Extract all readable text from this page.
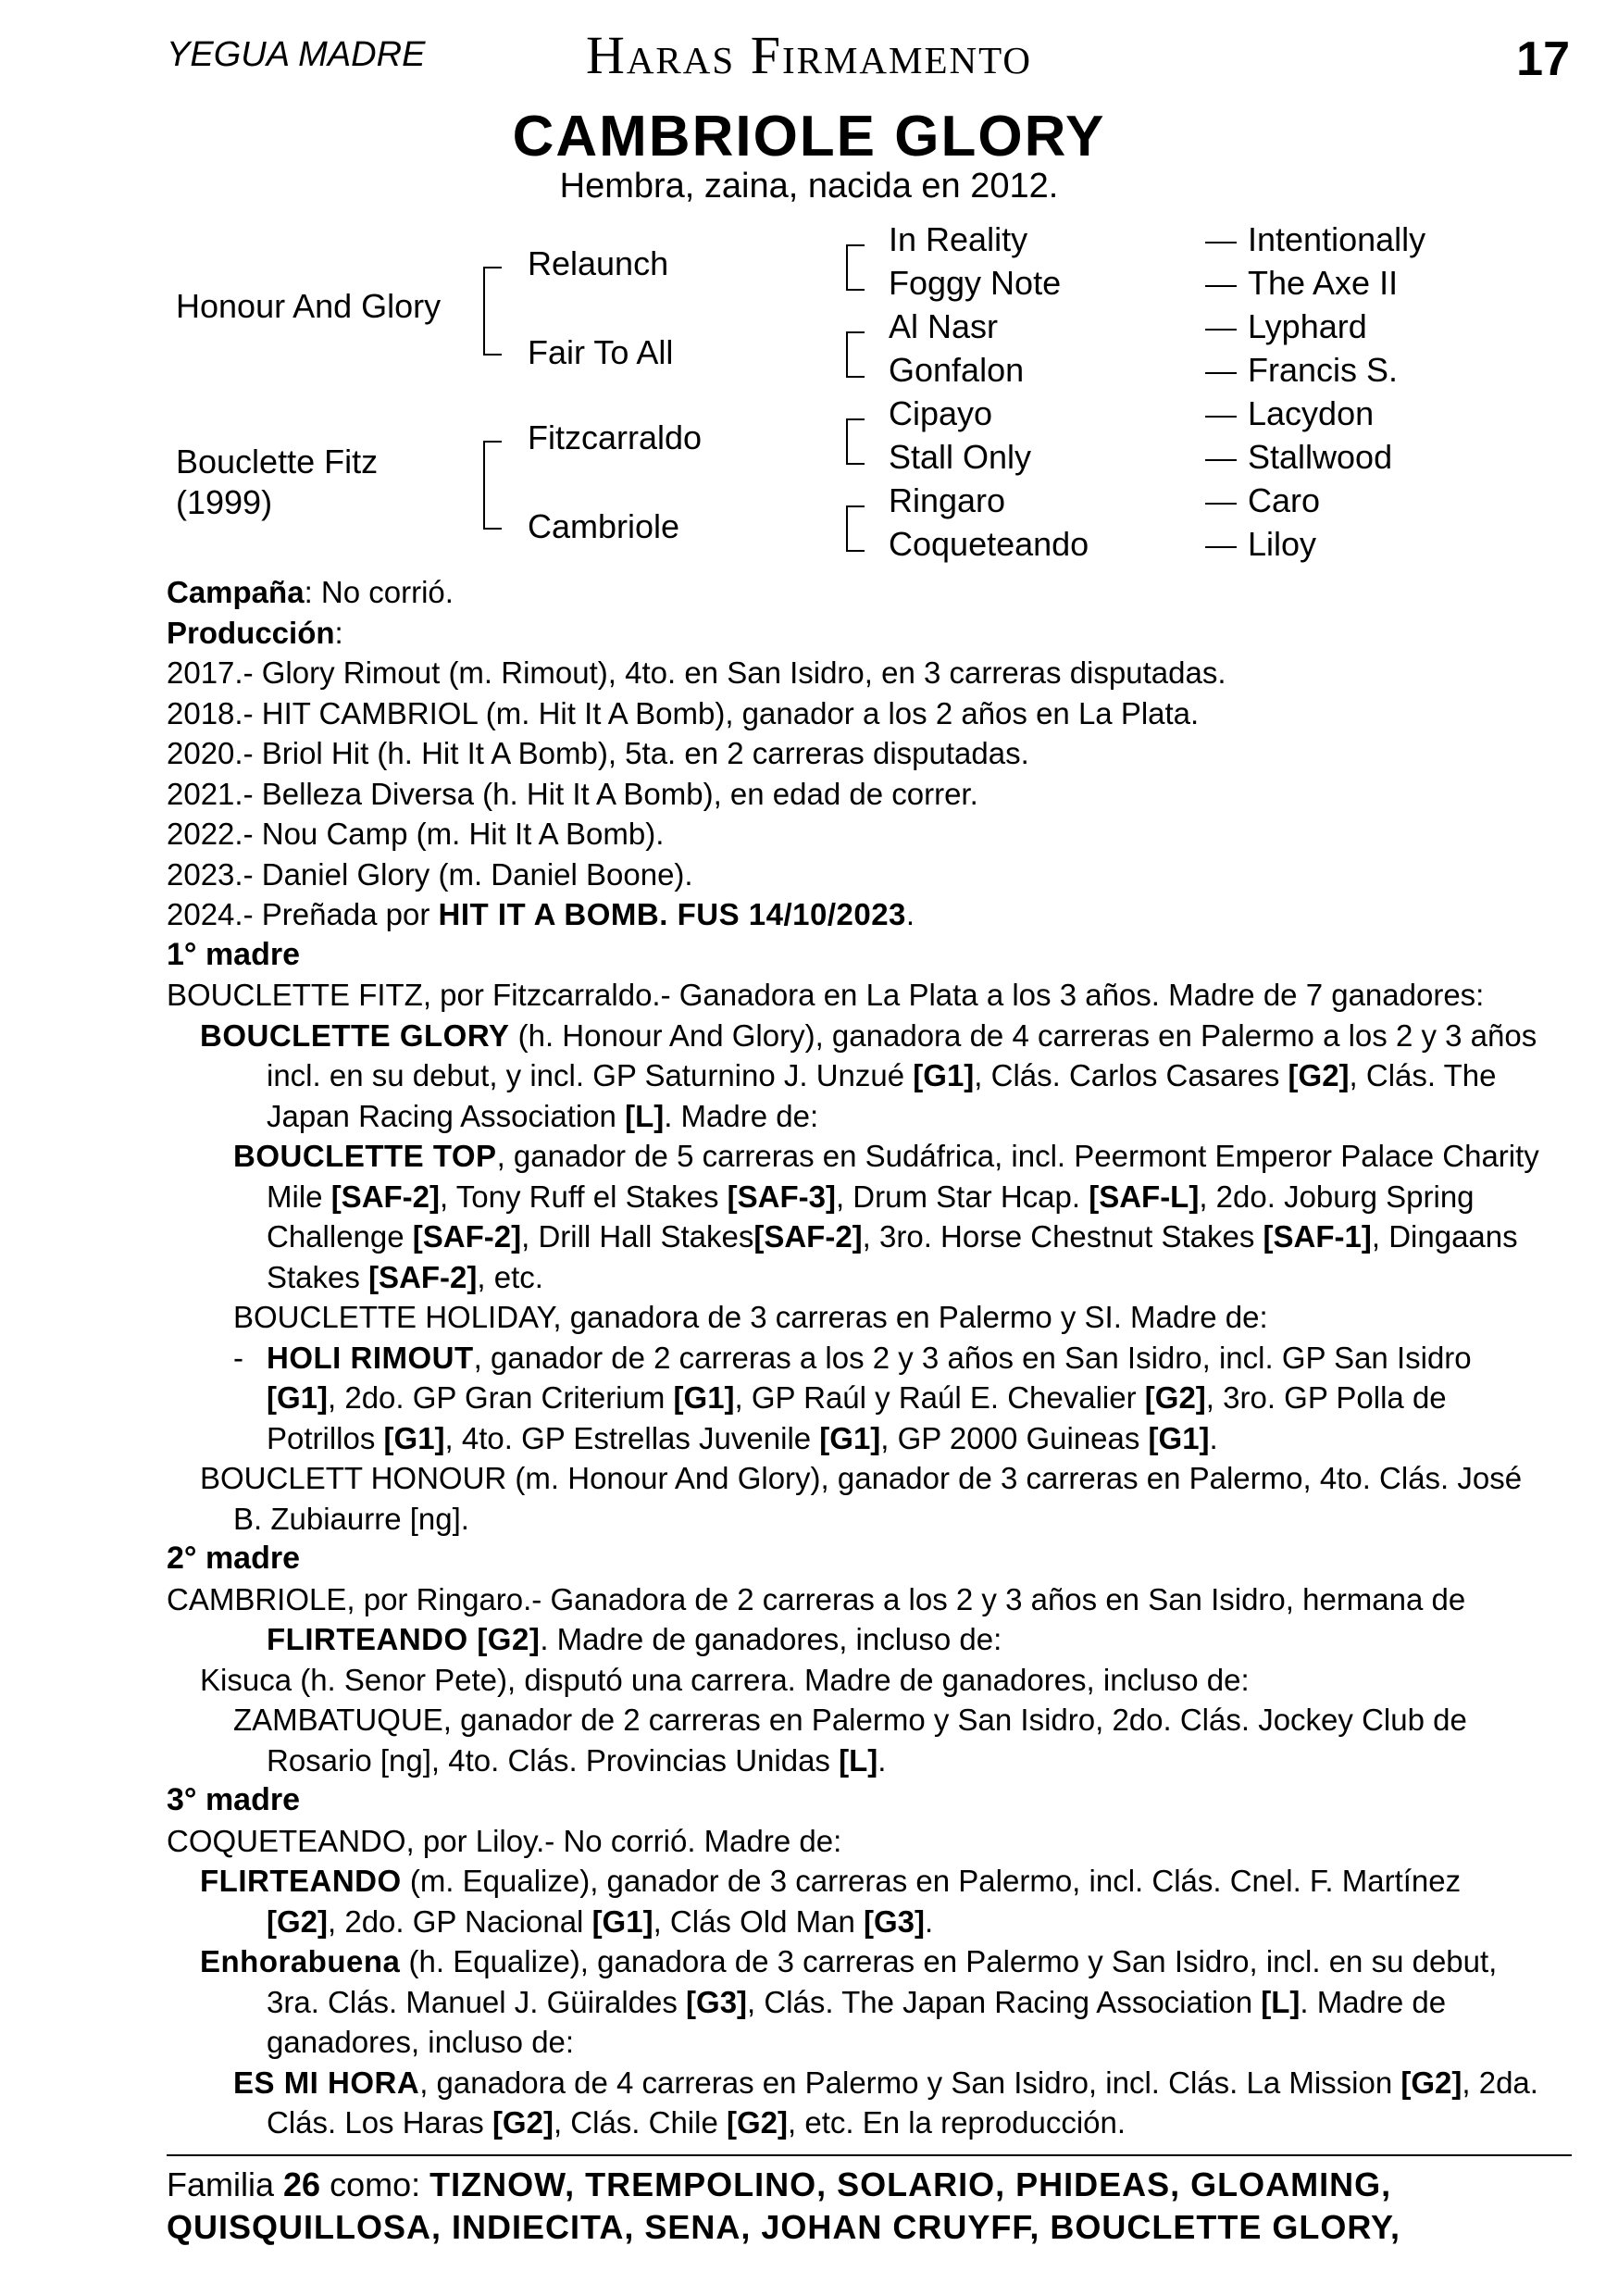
YEGUA MADRE	Haras Firmamento	17
CAMBRIOLE GLORY
Hembra, zaina, nacida en 2012.
Honour And Glory
Bouclette Fitz
(1999)
Relaunch
Fair To All
Fitzcarraldo
Cambriole
In Reality
Foggy Note
Al Nasr
Gonfalon
Cipayo
Stall Only
Ringaro
Coqueteando
Intentionally
The Axe II
Lyphard
Francis S.
Lacydon
Stallwood
Caro
Liloy

Campaña: No corrió.

Producción:

2017.- Glory Rimout (m. Rimout), 4to. en San Isidro, en 3 carreras disputadas.

2018.- HIT CAMBRIOL (m. Hit It A Bomb), ganador a los 2 años en La Plata.

2020.- Briol Hit (h. Hit It A Bomb), 5ta. en 2 carreras disputadas.

2021.- Belleza Diversa (h. Hit It A Bomb), en edad de correr.

2022.- Nou Camp (m. Hit It A Bomb).

2023.- Daniel Glory (m. Daniel Boone).

2024.- Preñada por HIT IT A BOMB. FUS 14/10/2023.

1° madre

BOUCLETTE FITZ, por Fitzcarraldo.- Ganadora en La Plata a los 3 años. Madre de 7 ganadores:

BOUCLETTE GLORY (h. Honour And Glory), ganadora de 4 carreras en Palermo a los 2 y 3 años

incl. en su debut, y incl. GP Saturnino J. Unzué [G1], Clás. Carlos Casares [G2], Clás. The

Japan Racing Association [L]. Madre de:

BOUCLETTE TOP, ganador de 5 carreras en Sudáfrica, incl. Peermont Emperor Palace Charity

Mile [SAF-2], Tony Ruff el Stakes [SAF-3], Drum Star Hcap. [SAF-L], 2do. Joburg Spring

Challenge [SAF-2], Drill Hall Stakes[SAF-2], 3ro. Horse Chestnut Stakes [SAF-1], Dingaans

Stakes [SAF-2], etc.

BOUCLETTE HOLIDAY, ganadora de 3 carreras en Palermo y SI. Madre de:

- HOLI RIMOUT, ganador de 2 carreras a los 2 y 3 años en San Isidro, incl. GP San Isidro

[G1], 2do. GP Gran Criterium [G1], GP Raúl y Raúl E. Chevalier [G2], 3ro. GP Polla de

Potrillos [G1], 4to. GP Estrellas Juvenile [G1], GP 2000 Guineas [G1].

BOUCLETT HONOUR (m. Honour And Glory), ganador de 3 carreras en Palermo, 4to. Clás. José

B. Zubiaurre [ng].

2° madre

CAMBRIOLE, por Ringaro.- Ganadora de 2 carreras a los 2 y 3 años en San Isidro, hermana de

FLIRTEANDO [G2]. Madre de ganadores, incluso de:

Kisuca (h. Senor Pete), disputó una carrera. Madre de ganadores, incluso de:

ZAMBATUQUE, ganador de 2 carreras en Palermo y San Isidro, 2do. Clás. Jockey Club de

Rosario [ng], 4to. Clás. Provincias Unidas [L].

3° madre

COQUETEANDO, por Liloy.- No corrió. Madre de:

FLIRTEANDO (m. Equalize), ganador de 3 carreras en Palermo, incl. Clás. Cnel. F. Martínez

[G2], 2do. GP Nacional [G1], Clás Old Man [G3].

Enhorabuena (h. Equalize), ganadora de 3 carreras en Palermo y San Isidro, incl. en su debut,

3ra. Clás. Manuel J. Güiraldes [G3], Clás. The Japan Racing Association [L]. Madre de

ganadores, incluso de:

ES MI HORA, ganadora de 4 carreras en Palermo y San Isidro, incl. Clás. La Mission [G2], 2da.

Clás. Los Haras [G2], Clás. Chile [G2], etc. En la reproducción.

Familia 26 como: TIZNOW, TREMPOLINO, SOLARIO, PHIDEAS, GLOAMING,

QUISQUILLOSA, INDIECITA, SENA, JOHAN CRUYFF, BOUCLETTE GLORY,
